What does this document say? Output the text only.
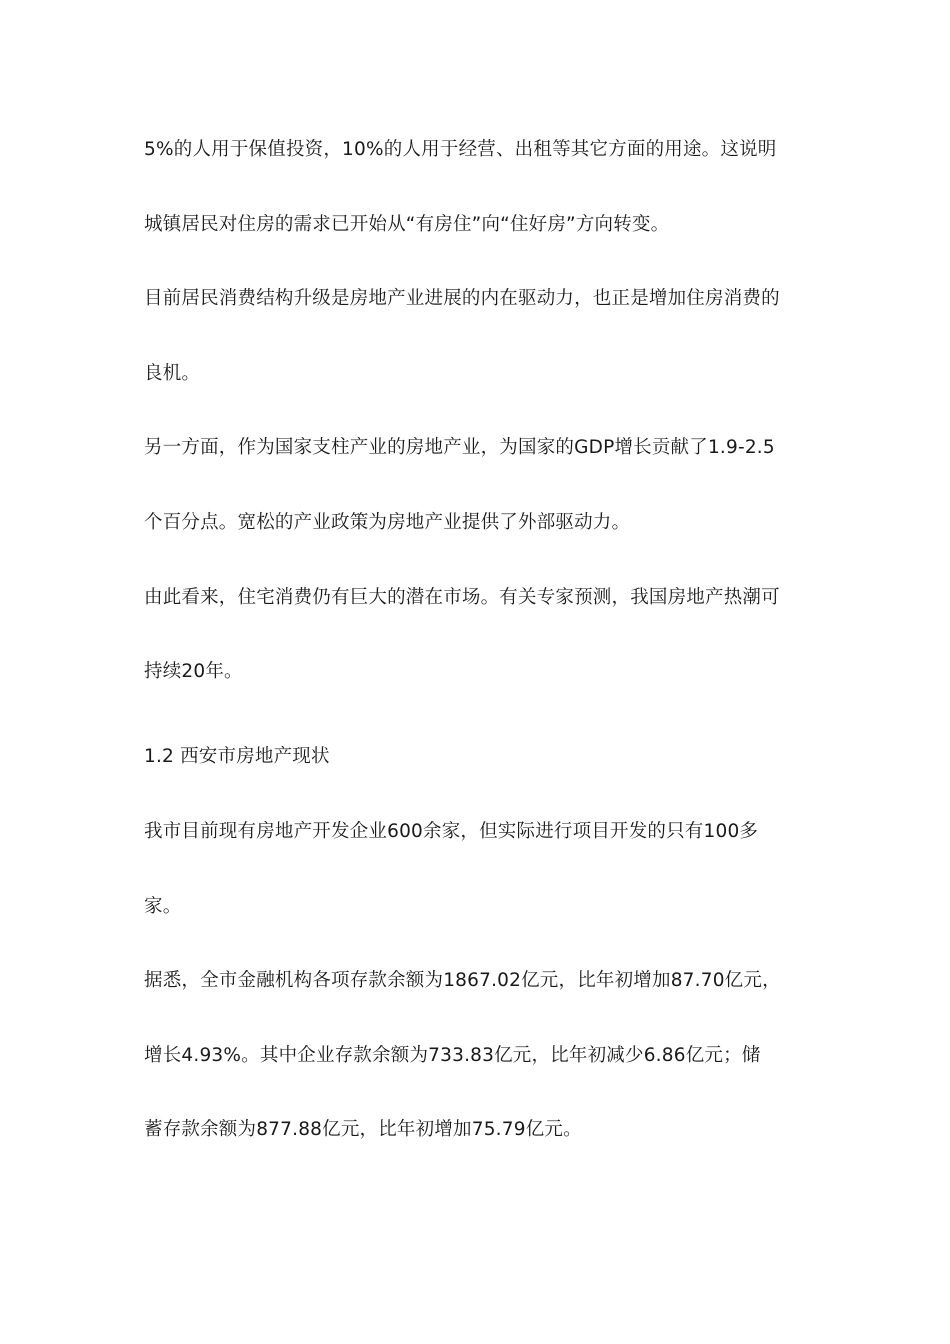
5%的人用于保值投资，10%的人用于经营、出租等其它方面的用途。这说明
城镇居民对住房的需求已开始从“有房住”向“住好房”方向转变。
目前居民消费结构升级是房地产业进展的内在驱动力，也正是增加住房消费的
良机。
另一方面，作为国家支柱产业的房地产业，为国家的GDP增长贡献了1.9-2.5
个百分点。宽松的产业政策为房地产业提供了外部驱动力。
由此看来，住宅消费仍有巨大的潜在市场。有关专家预测，我国房地产热潮可
持续20年。
1.2 西安市房地产现状
我市目前现有房地产开发企业600余家，但实际进行项目开发的只有100多
家。
据悉，全市金融机构各项存款余额为1867.02亿元，比年初增加87.70亿元，
增长4.93%。其中企业存款余额为733.83亿元，比年初减少6.86亿元；储
蓄存款余额为877.88亿元，比年初增加75.79亿元。
